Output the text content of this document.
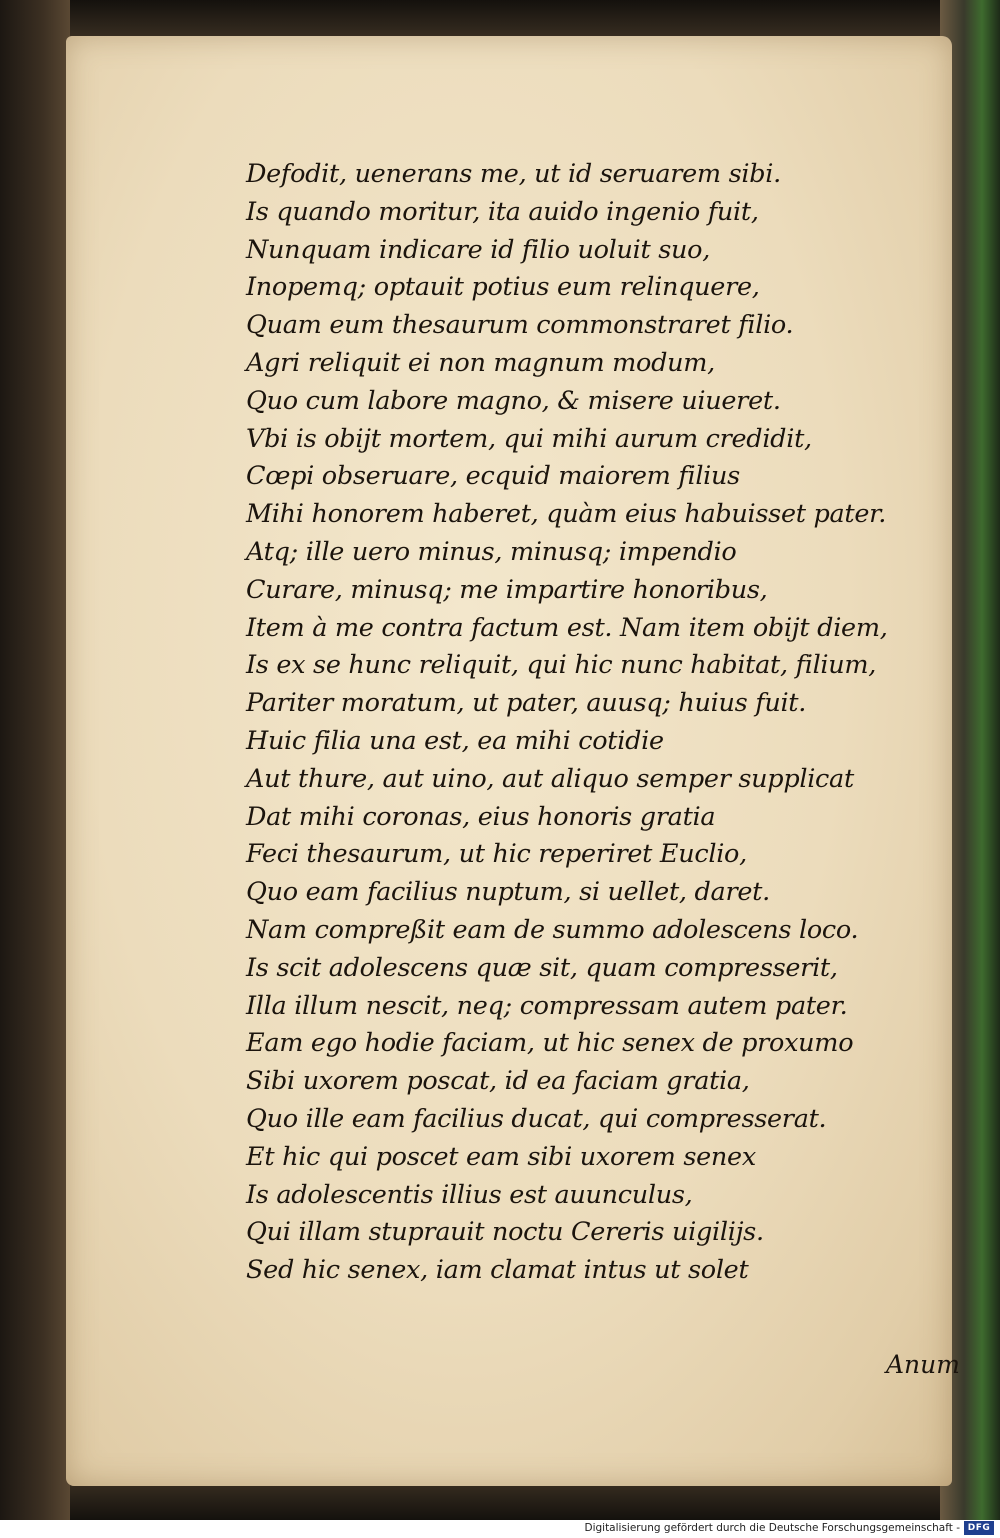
Defodit, uenerans me, ut id seruarem sibi.
Is quando moritur, ita auido ingenio fuit,
Nunquam indicare id filio uoluit suo,
Inopemq; optauit potius eum relinquere,
Quam eum thesaurum commonstraret filio.
Agri reliquit ei non magnum modum,
Quo cum labore magno, & misere uiueret.
Vbi is obijt mortem, qui mihi aurum credidit,
Cœpi obseruare, ecquid maiorem filius
Mihi honorem haberet, quàm eius habuisset pater.
Atq; ille uero minus, minusq; impendio
Curare, minusq; me impartire honoribus,
Item à me contra factum est. Nam item obijt diem,
Is ex se hunc reliquit, qui hic nunc habitat, filium,
Pariter moratum, ut pater, auusq; huius fuit.
Huic filia una est, ea mihi cotidie
Aut thure, aut uino, aut aliquo semper supplicat
Dat mihi coronas, eius honoris gratia
Feci thesaurum, ut hic reperiret Euclio,
Quo eam facilius nuptum, si uellet, daret.
Nam compreßit eam de summo adolescens loco.
Is scit adolescens quæ sit, quam compresserit,
Illa illum nescit, neq; compressam autem pater.
Eam ego hodie faciam, ut hic senex de proxumo
Sibi uxorem poscat, id ea faciam gratia,
Quo ille eam facilius ducat, qui compresserat.
Et hic qui poscet eam sibi uxorem senex
Is adolescentis illius est auunculus,
Qui illam stuprauit noctu Cereris uigilijs.
Sed hic senex, iam clamat intus ut solet
Anum
Digitalisierung gefördert durch die Deutsche Forschungsgemeinschaft - DFG
